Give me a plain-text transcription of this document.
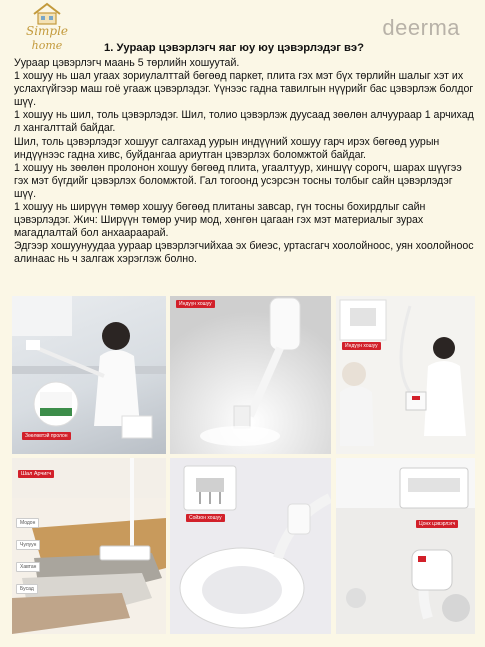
Simple
home
deerma
1. Уураар цэвэрлэгч яаг юу юу цэвэрлэдэг вэ?

Уураар цэвэрлэгч маань 5 төрлийн хошуутай.

1 хошуу нь шал угаах зориулалттай бөгөөд паркет, плита гэх мэт бүх төрлийн шалыг хэт их услахгүйгээр маш гоё угааж цэвэрлэдэг. Үүнээс гадна тавилгын нүүрийг бас цэвэрлэж болдог шүү.

1 хошуу нь шил, толь цэвэрлэдэг. Шил, толио цэвэрлэж дуусаад зөөлөн алчуураар 1 арчихад л хангалттай байдаг.

Шил, толь цэвэрлэдэг хошууг салгахад уурын индүүний хошуу гарч ирэх бөгөөд уурын индүүнээс гадна хивс, буйдангаа ариутган цэвэрлэх боломжтой байдаг.

1 хошуу нь зөөлөн пролонон хошуу бөгөөд плита, угаалтуур, хиншүү сорогч, шарах шүүгээ гэх мэт бүгдийг цэвэрлэх боломжтой. Гал тогоонд усэрсэн тосны толбыг сайн цэвэрлэдэг шүү.

1 хошуу нь ширүүн төмөр хошуу бөгөөд плитаны завсар, гүн тосны бохирдлыг сайн цэвэрлэдэг. Жич: Ширүүн төмөр учир мод, хөнгөн цагаан гэх мэт материалыг зурах магадлалтай бол анхаараарай.

Эдгээр хошуунуудаа уураар цэвэрлэгчийхаа эх биеэс, уртасгагч хоолойноос, уян хоолойноос алинаас нь ч залгаж хэрэглэж болно.

Зөөлөвтэй пролон
Индүүн хошуу
Индүүн хошуу
Шал Арчигч
Модон
Чулуун
Хавтан
Бусад
Сойзон хошуу
Цонх цэвэрлэгч
